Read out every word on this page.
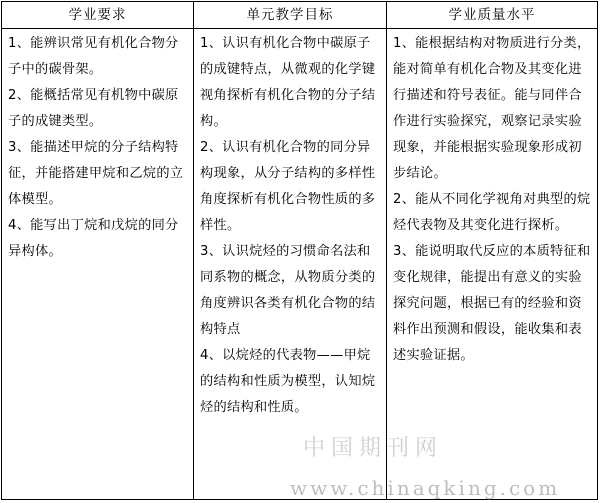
学业要求

1、能辨识常见有机化合物分子中的碳骨架。

2、能概括常见有机物中碳原子的成键类型。

3、能描述甲烷的分子结构特征，并能搭建甲烷和乙烷的立体模型。

4、能写出丁烷和戊烷的同分异构体。

单元教学目标

1、认识有机化合物中碳原子的成键特点，从微观的化学键视角探析有机化合物的分子结构。

2、认识有机化合物的同分异构现象，从分子结构的多样性角度探析有机化合物性质的多样性。

3、认识烷烃的习惯命名法和同系物的概念，从物质分类的角度辨识各类有机化合物的结构特点

4、以烷烃的代表物——甲烷的结构和性质为模型，认知烷烃的结构和性质。

学业质量水平

1、能根据结构对物质进行分类，能对简单有机化合物及其变化进行描述和符号表征。能与同伴合作进行实验探究，观察记录实验现象，并能根据实验现象形成初步结论。

2、能从不同化学视角对典型的烷烃代表物及其变化进行探析。

3、能说明取代反应的本质特征和变化规律，能提出有意义的实验探究问题，根据已有的经验和资料作出预测和假设，能收集和表述实验证据。

中国期刊网
www.chinaqking.com
